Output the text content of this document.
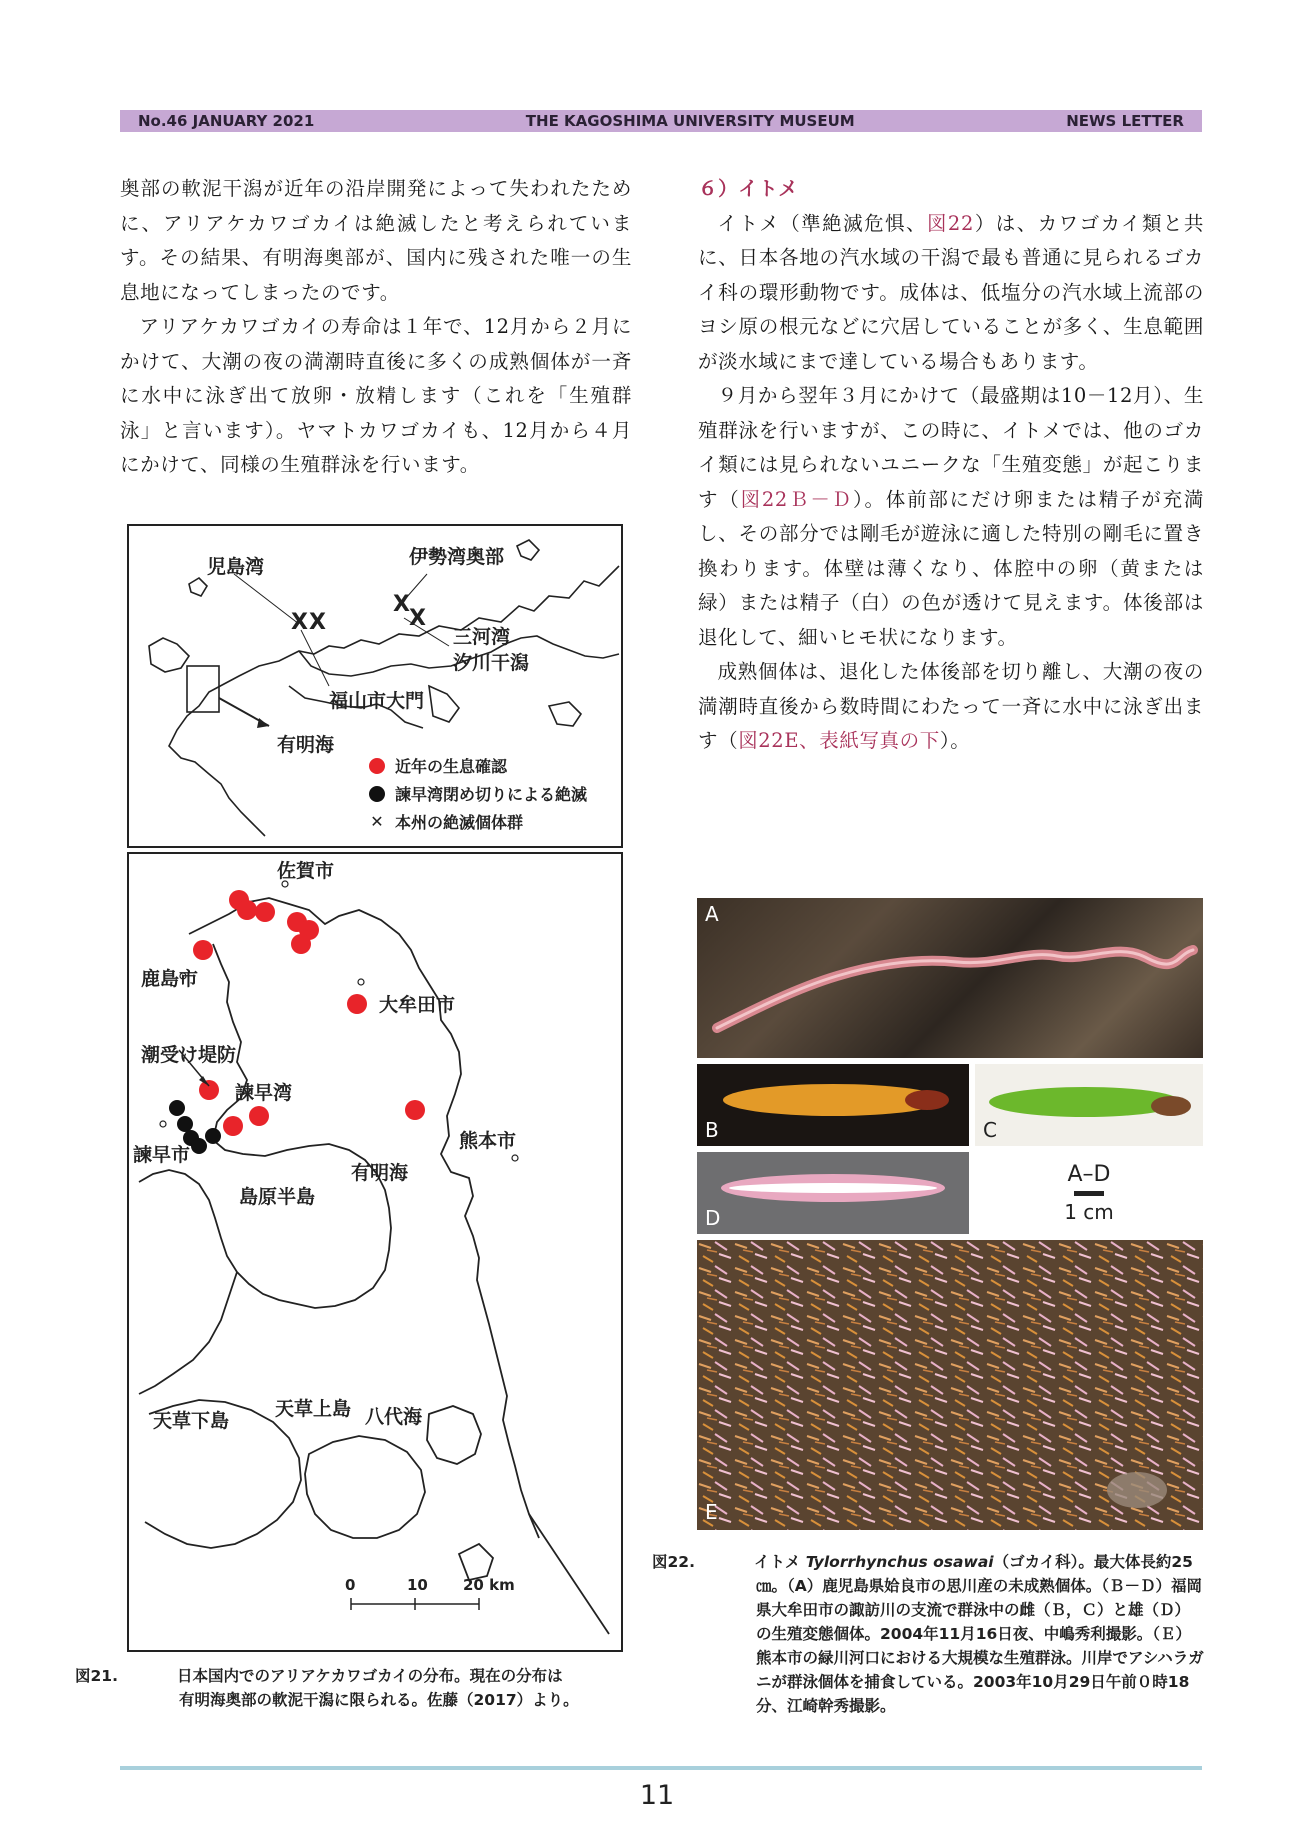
No.46 JANUARY 2021	THE KAGOSHIMA UNIVERSITY MUSEUM	NEWS LETTER

奥部の軟泥干潟が近年の沿岸開発によって失われたために、アリアケカワゴカイは絶滅したと考えられています。その結果、有明海奥部が、国内に残された唯一の生息地になってしまったのです。

アリアケカワゴカイの寿命は１年で、12月から２月にかけて、大潮の夜の満潮時直後に多くの成熟個体が一斉に水中に泳ぎ出て放卵・放精します（これを「生殖群泳」と言います）。ヤマトカワゴカイも、12月から４月にかけて、同様の生殖群泳を行います。

６）イトメ

イトメ（準絶滅危惧、図22）は、カワゴカイ類と共に、日本各地の汽水域の干潟で最も普通に見られるゴカイ科の環形動物です。成体は、低塩分の汽水域上流部のヨシ原の根元などに穴居していることが多く、生息範囲が淡水域にまで達している場合もあります。

９月から翌年３月にかけて（最盛期は10－12月）、生殖群泳を行いますが、この時に、イトメでは、他のゴカイ類には見られないユニークな「生殖変態」が起こります（図22Ｂ－Ｄ）。体前部にだけ卵または精子が充満し、その部分では剛毛が遊泳に適した特別の剛毛に置き換わります。体壁は薄くなり、体腔中の卵（黄または緑）または精子（白）の色が透けて見えます。体後部は退化して、細いヒモ状になります。

成熟個体は、退化した体後部を切り離し、大潮の夜の満潮時直後から数時間にわたって一斉に水中に泳ぎ出ます（図22E、表紙写真の下）。

児島湾	伊勢湾奥部
三河湾
汐川干潟
福山市大門
有明海
X X
X
X
近年の生息確認
諫早湾閉め切りによる絶滅
✕ 本州の絶滅個体群
佐賀市
鹿島市
大牟田市
潮受け堤防
諫早湾
諫早市
熊本市
有明海
島原半島
天草下島
天草上島 八代海
0	10 20 km

図21.	日本国内でのアリアケカワゴカイの分布。現在の分布は

有明海奥部の軟泥干潟に限られる。佐藤（2017）より。

A
B	C
D
A–D
1 cm
E

図22.	イトメ Tylorrhynchus osawai（ゴカイ科）。最大体長約25 ㎝。（A）鹿児島県姶良市の思川産の未成熟個体。（Ｂ－Ｄ）福岡県大牟田市の諏訪川の支流で群泳中の雌（Ｂ，Ｃ）と雄（Ｄ）の生殖変態個体。2004年11月16日夜、中嶋秀利撮影。（Ｅ）熊本市の緑川河口における大規模な生殖群泳。川岸でアシハラガニが群泳個体を捕食している。2003年10月29日午前０時18分、江崎幹秀撮影。

11
